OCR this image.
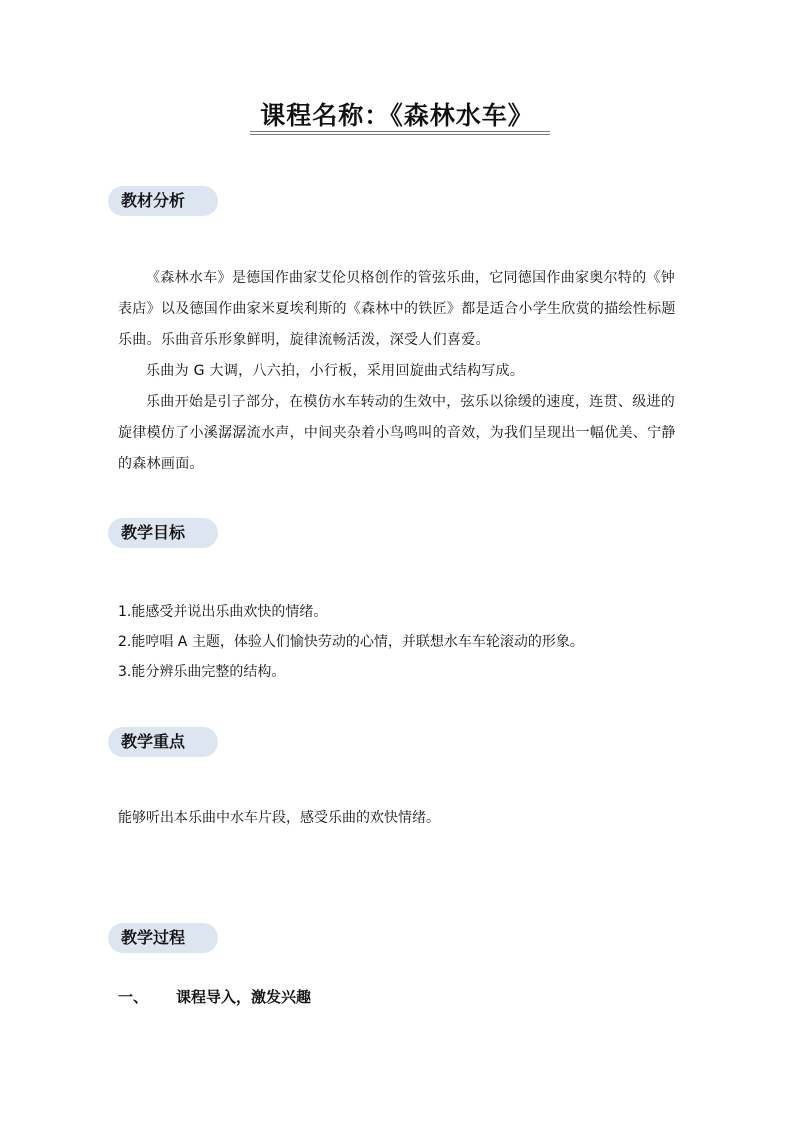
课程名称：《森林水车》
教材分析
《森林水车》是德国作曲家艾伦贝格创作的管弦乐曲，它同德国作曲家奥尔特的《钟表店》以及德国作曲家米夏埃利斯的《森林中的铁匠》都是适合小学生欣赏的描绘性标题乐曲。乐曲音乐形象鲜明，旋律流畅活泼，深受人们喜爱。
乐曲为 G 大调，八六拍，小行板，采用回旋曲式结构写成。
乐曲开始是引子部分，在模仿水车转动的生效中，弦乐以徐缓的速度，连贯、级进的旋律模仿了小溪潺潺流水声，中间夹杂着小鸟鸣叫的音效，为我们呈现出一幅优美、宁静的森林画面。
教学目标
1.能感受并说出乐曲欢快的情绪。
2.能哼唱 A 主题，体验人们愉快劳动的心情，并联想水车车轮滚动的形象。
3.能分辨乐曲完整的结构。
教学重点
能够听出本乐曲中水车片段，感受乐曲的欢快情绪。
教学过程
一、 课程导入，激发兴趣
